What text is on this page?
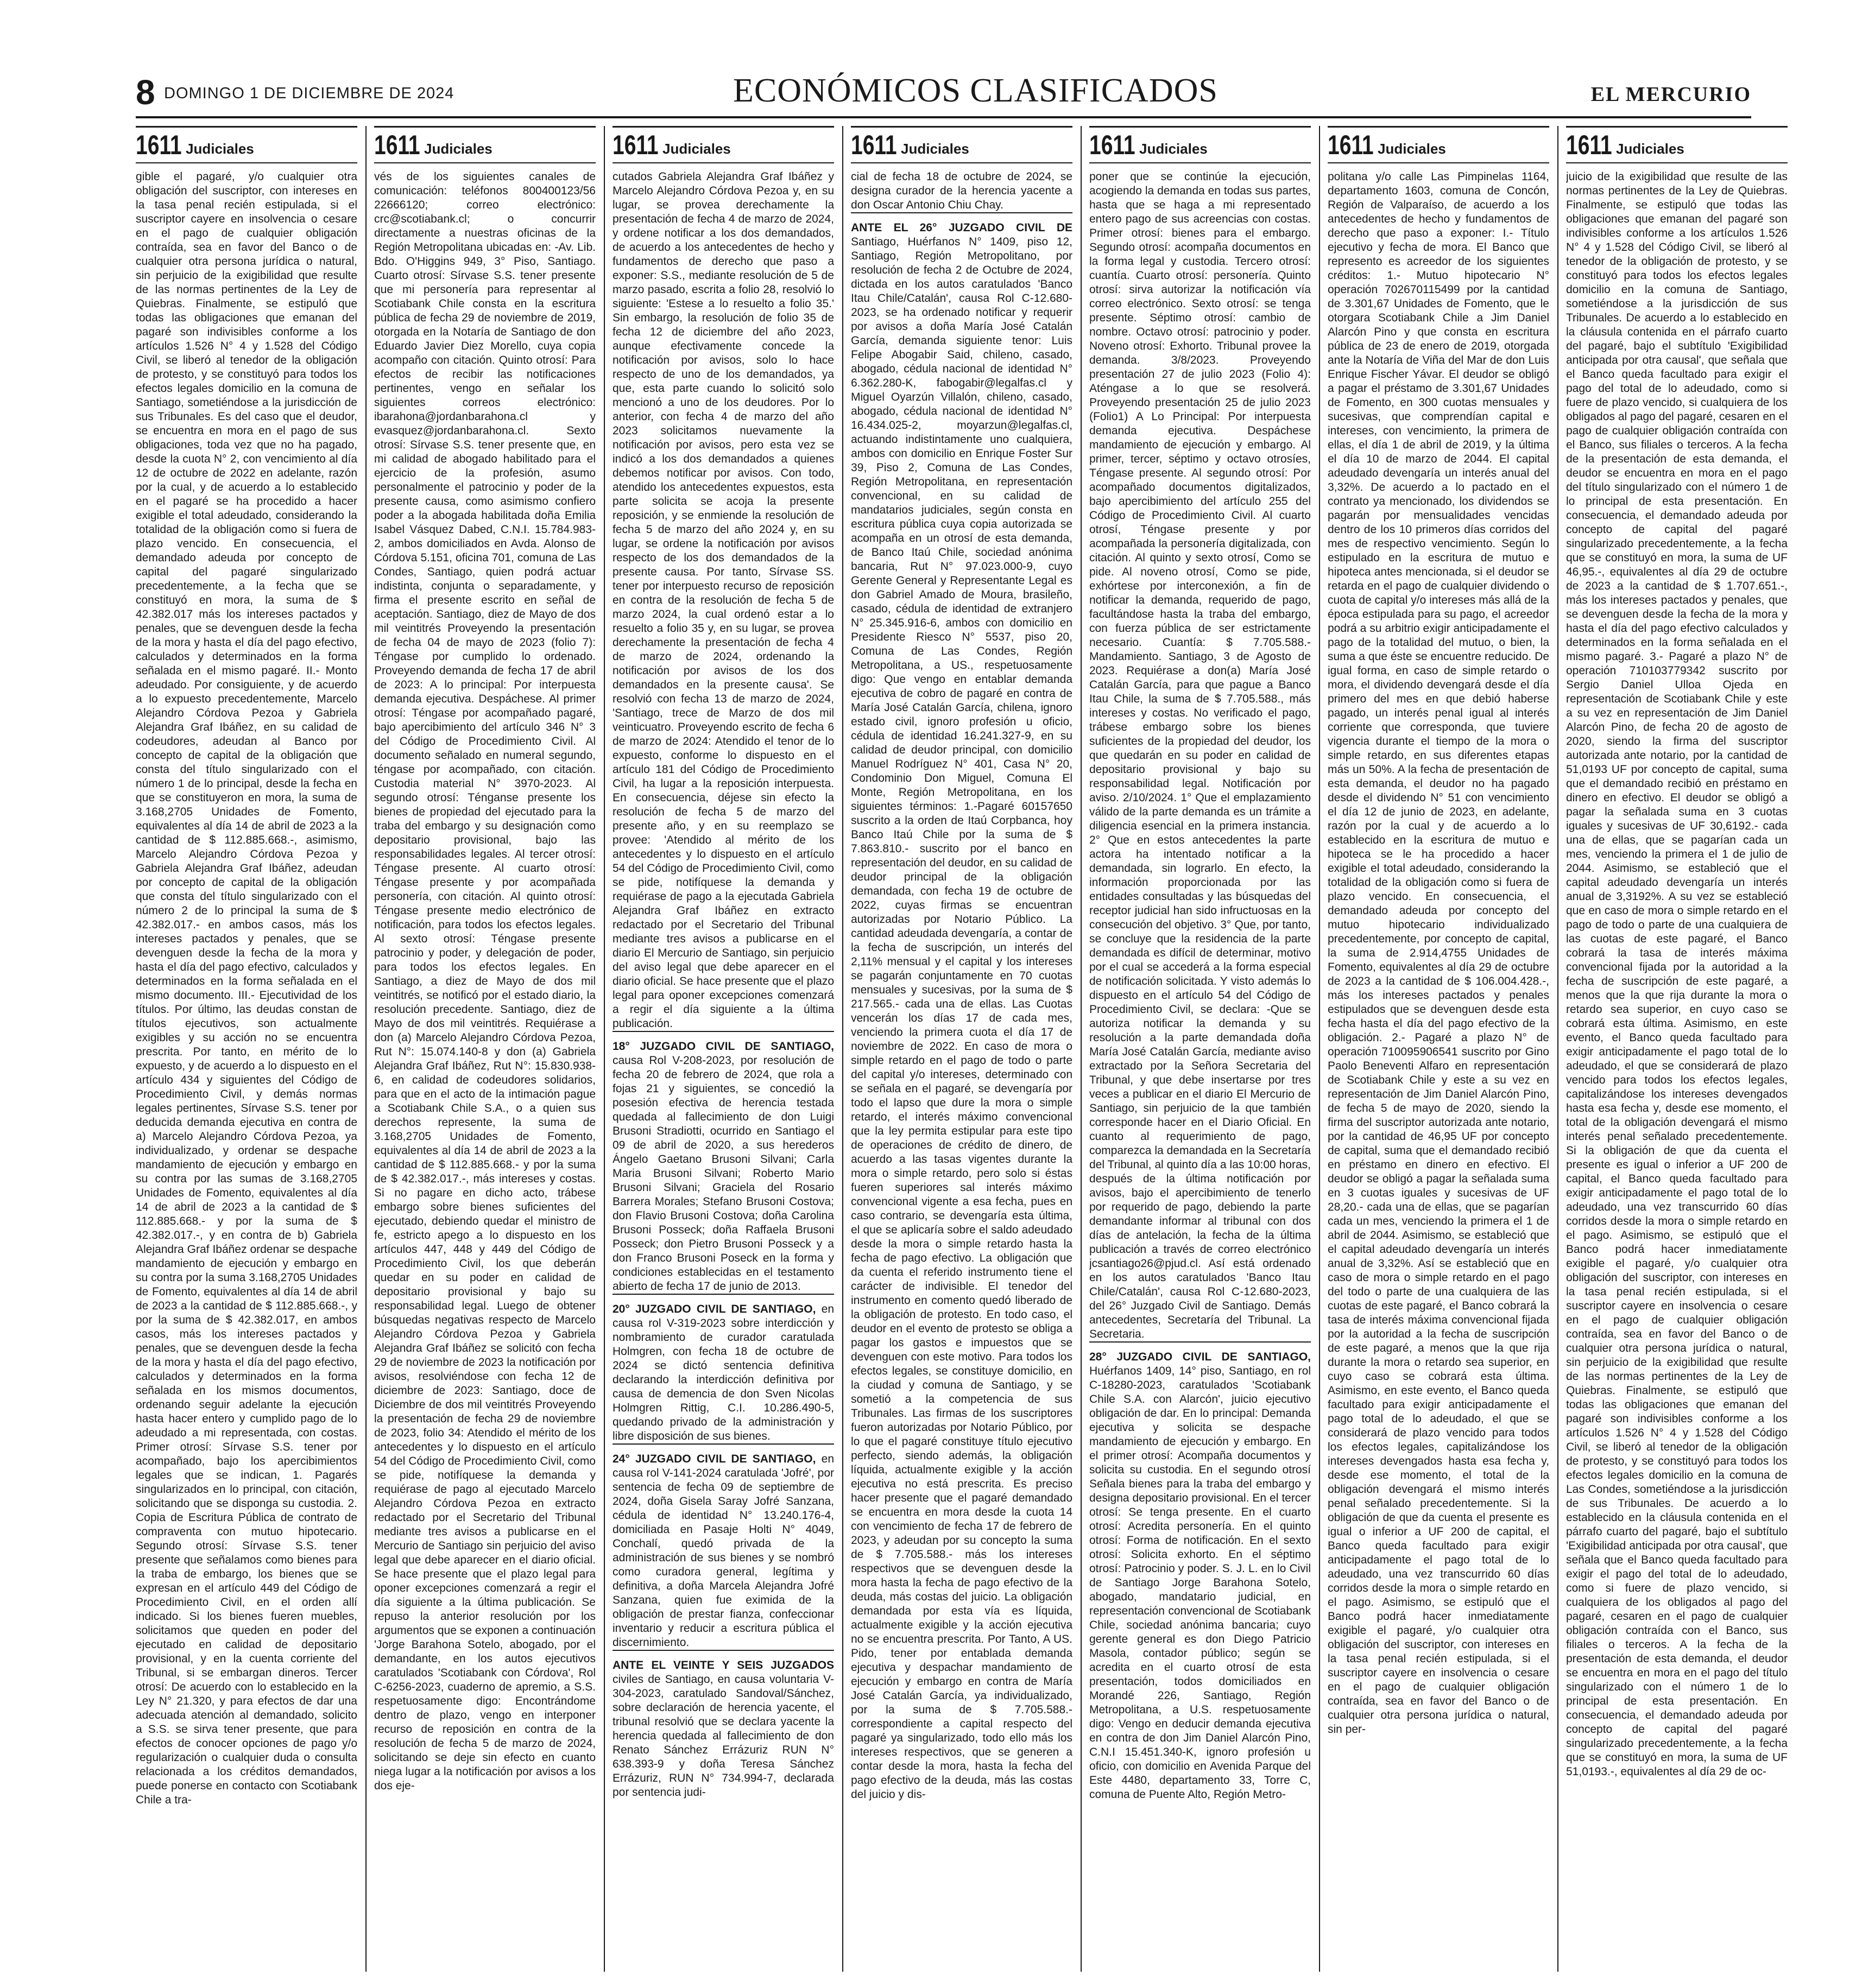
8 DOMINGO 1 DE DICIEMBRE DE 2024	ECONÓMICOS CLASIFICADOS	EL MERCURIO
1611 Judiciales

gible el pagaré, y/o cualquier otra obligación del suscriptor, con intereses en la tasa penal recién estipulada, si el suscriptor cayere en insolvencia o cesare en el pago de cualquier obligación contraída, sea en favor del Banco o de cualquier otra persona jurídica o natural, sin perjuicio de la exigibilidad que resulte de las normas pertinentes de la Ley de Quiebras. Finalmente, se estipuló que todas las obligaciones que emanan del pagaré son indivisibles conforme a los artículos 1.526 N° 4 y 1.528 del Código Civil, se liberó al tenedor de la obligación de protesto, y se constituyó para todos los efectos legales domicilio en la comuna de Santiago, sometiéndose a la jurisdicción de sus Tribunales. Es del caso que el deudor, se encuentra en mora en el pago de sus obligaciones, toda vez que no ha pagado, desde la cuota N° 2, con vencimiento al día 12 de octubre de 2022 en adelante, razón por la cual, y de acuerdo a lo establecido en el pagaré se ha procedido a hacer exigible el total adeudado, considerando la totalidad de la obligación como si fuera de plazo vencido. En consecuencia, el demandado adeuda por concepto de capital del pagaré singularizado precedentemente, a la fecha que se constituyó en mora, la suma de $ 42.382.017 más los intereses pactados y penales, que se devenguen desde la fecha de la mora y hasta el día del pago efectivo, calculados y determinados en la forma señalada en el mismo pagaré. II.- Monto adeudado. Por consiguiente, y de acuerdo a lo expuesto precedentemente, Marcelo Alejandro Córdova Pezoa y Gabriela Alejandra Graf Ibáñez, en su calidad de codeudores, adeudan al Banco por concepto de capital de la obligación que consta del título singularizado con el número 1 de lo principal, desde la fecha en que se constituyeron en mora, la suma de 3.168,2705 Unidades de Fomento, equivalentes al día 14 de abril de 2023 a la cantidad de $ 112.885.668.-, asimismo, Marcelo Alejandro Córdova Pezoa y Gabriela Alejandra Graf Ibáñez, adeudan por concepto de capital de la obligación que consta del título singularizado con el número 2 de lo principal la suma de $ 42.382.017.- en ambos casos, más los intereses pactados y penales, que se devenguen desde la fecha de la mora y hasta el día del pago efectivo, calculados y determinados en la forma señalada en el mismo documento. III.- Ejecutividad de los títulos. Por último, las deudas constan de títulos ejecutivos, son actualmente exigibles y su acción no se encuentra prescrita. Por tanto, en mérito de lo expuesto, y de acuerdo a lo dispuesto en el artículo 434 y siguientes del Código de Procedimiento Civil, y demás normas legales pertinentes, Sírvase S.S. tener por deducida demanda ejecutiva en contra de a) Marcelo Alejandro Córdova Pezoa, ya individualizado, y ordenar se despache mandamiento de ejecución y embargo en su contra por las sumas de 3.168,2705 Unidades de Fomento, equivalentes al día 14 de abril de 2023 a la cantidad de $ 112.885.668.- y por la suma de $ 42.382.017.-, y en contra de b) Gabriela Alejandra Graf Ibáñez ordenar se despache mandamiento de ejecución y embargo en su contra por la suma 3.168,2705 Unidades de Fomento, equivalentes al día 14 de abril de 2023 a la cantidad de $ 112.885.668.-, y por la suma de $ 42.382.017, en ambos casos, más los intereses pactados y penales, que se devenguen desde la fecha de la mora y hasta el día del pago efectivo, calculados y determinados en la forma señalada en los mismos documentos, ordenando seguir adelante la ejecución hasta hacer entero y cumplido pago de lo adeudado a mi representada, con costas. Primer otrosí: Sírvase S.S. tener por acompañado, bajo los apercibimientos legales que se indican, 1. Pagarés singularizados en lo principal, con citación, solicitando que se disponga su custodia. 2. Copia de Escritura Pública de contrato de compraventa con mutuo hipotecario. Segundo otrosí: Sírvase S.S. tener presente que señalamos como bienes para la traba de embargo, los bienes que se expresan en el artículo 449 del Código de Procedimiento Civil, en el orden allí indicado. Si los bienes fueren muebles, solicitamos que queden en poder del ejecutado en calidad de depositario provisional, y en la cuenta corriente del Tribunal, si se embargan dineros. Tercer otrosí: De acuerdo con lo establecido en la Ley N° 21.320, y para efectos de dar una adecuada atención al demandado, solicito a S.S. se sirva tener presente, que para efectos de conocer opciones de pago y/o regularización o cualquier duda o consulta relacionada a los créditos demandados, puede ponerse en contacto con Scotiabank Chile a tra-

1611 Judiciales

vés de los siguientes canales de comunicación: teléfonos 800400123/56 22666120; correo electrónico: crc@scotiabank.cl; o concurrir directamente a nuestras oficinas de la Región Metropolitana ubicadas en: -Av. Lib. Bdo. O'Higgins 949, 3° Piso, Santiago. Cuarto otrosí: Sírvase S.S. tener presente que mi personería para representar al Scotiabank Chile consta en la escritura pública de fecha 29 de noviembre de 2019, otorgada en la Notaría de Santiago de don Eduardo Javier Diez Morello, cuya copia acompaño con citación. Quinto otrosí: Para efectos de recibir las notificaciones pertinentes, vengo en señalar los siguientes correos electrónico: ibarahona@jordanbarahona.cl y evasquez@jordanbarahona.cl. Sexto otrosí: Sírvase S.S. tener presente que, en mi calidad de abogado habilitado para el ejercicio de la profesión, asumo personalmente el patrocinio y poder de la presente causa, como asimismo confiero poder a la abogada habilitada doña Emilia Isabel Vásquez Dabed, C.N.I. 15.784.983-2, ambos domiciliados en Avda. Alonso de Córdova 5.151, oficina 701, comuna de Las Condes, Santiago, quien podrá actuar indistinta, conjunta o separadamente, y firma el presente escrito en señal de aceptación. Santiago, diez de Mayo de dos mil veintitrés Proveyendo la presentación de fecha 04 de mayo de 2023 (folio 7): Téngase por cumplido lo ordenado. Proveyendo demanda de fecha 17 de abril de 2023: A lo principal: Por interpuesta demanda ejecutiva. Despáchese. Al primer otrosí: Téngase por acompañado pagaré, bajo apercibimiento del artículo 346 N° 3 del Código de Procedimiento Civil. Al documento señalado en numeral segundo, téngase por acompañado, con citación. Custodia material N° 3970-2023. Al segundo otrosí: Ténganse presente los bienes de propiedad del ejecutado para la traba del embargo y su designación como depositario provisional, bajo las responsabilidades legales. Al tercer otrosí: Téngase presente. Al cuarto otrosí: Téngase presente y por acompañada personería, con citación. Al quinto otrosí: Téngase presente medio electrónico de notificación, para todos los efectos legales. Al sexto otrosí: Téngase presente patrocinio y poder, y delegación de poder, para todos los efectos legales. En Santiago, a diez de Mayo de dos mil veintitrés, se notificó por el estado diario, la resolución precedente. Santiago, diez de Mayo de dos mil veintitrés. Requiérase a don (a) Marcelo Alejandro Córdova Pezoa, Rut N°: 15.074.140-8 y don (a) Gabriela Alejandra Graf Ibáñez, Rut N°: 15.830.938-6, en calidad de codeudores solidarios, para que en el acto de la intimación pague a Scotiabank Chile S.A., o a quien sus derechos represente, la suma de 3.168,2705 Unidades de Fomento, equivalentes al día 14 de abril de 2023 a la cantidad de $ 112.885.668.- y por la suma de $ 42.382.017.-, más intereses y costas. Si no pagare en dicho acto, trábese embargo sobre bienes suficientes del ejecutado, debiendo quedar el ministro de fe, estricto apego a lo dispuesto en los artículos 447, 448 y 449 del Código de Procedimiento Civil, los que deberán quedar en su poder en calidad de depositario provisional y bajo su responsabilidad legal. Luego de obtener búsquedas negativas respecto de Marcelo Alejandro Córdova Pezoa y Gabriela Alejandra Graf Ibáñez se solicitó con fecha 29 de noviembre de 2023 la notificación por avisos, resolviéndose con fecha 12 de diciembre de 2023: Santiago, doce de Diciembre de dos mil veintitrés Proveyendo la presentación de fecha 29 de noviembre de 2023, folio 34: Atendido el mérito de los antecedentes y lo dispuesto en el artículo 54 del Código de Procedimiento Civil, como se pide, notifíquese la demanda y requiérase de pago al ejecutado Marcelo Alejandro Córdova Pezoa en extracto redactado por el Secretario del Tribunal mediante tres avisos a publicarse en el Mercurio de Santiago sin perjuicio del aviso legal que debe aparecer en el diario oficial. Se hace presente que el plazo legal para oponer excepciones comenzará a regir el día siguiente a la última publicación. Se repuso la anterior resolución por los argumentos que se exponen a continuación 'Jorge Barahona Sotelo, abogado, por el demandante, en los autos ejecutivos caratulados 'Scotiabank con Córdova', Rol C-6256-2023, cuaderno de apremio, a S.S. respetuosamente digo: Encontrándome dentro de plazo, vengo en interponer recurso de reposición en contra de la resolución de fecha 5 de marzo de 2024, solicitando se deje sin efecto en cuanto niega lugar a la notificación por avisos a los dos eje-

1611 Judiciales

cutados Gabriela Alejandra Graf Ibáñez y Marcelo Alejandro Córdova Pezoa y, en su lugar, se provea derechamente la presentación de fecha 4 de marzo de 2024, y ordene notificar a los dos demandados, de acuerdo a los antecedentes de hecho y fundamentos de derecho que paso a exponer: S.S., mediante resolución de 5 de marzo pasado, escrita a folio 28, resolvió lo siguiente: 'Estese a lo resuelto a folio 35.' Sin embargo, la resolución de folio 35 de fecha 12 de diciembre del año 2023, aunque efectivamente concede la notificación por avisos, solo lo hace respecto de uno de los demandados, ya que, esta parte cuando lo solicitó solo mencionó a uno de los deudores. Por lo anterior, con fecha 4 de marzo del año 2023 solicitamos nuevamente la notificación por avisos, pero esta vez se indicó a los dos demandados a quienes debemos notificar por avisos. Con todo, atendido los antecedentes expuestos, esta parte solicita se acoja la presente reposición, y se enmiende la resolución de fecha 5 de marzo del año 2024 y, en su lugar, se ordene la notificación por avisos respecto de los dos demandados de la presente causa. Por tanto, Sírvase SS. tener por interpuesto recurso de reposición en contra de la resolución de fecha 5 de marzo 2024, la cual ordenó estar a lo resuelto a folio 35 y, en su lugar, se provea derechamente la presentación de fecha 4 de marzo de 2024, ordenando la notificación por avisos de los dos demandados en la presente causa'. Se resolvió con fecha 13 de marzo de 2024, 'Santiago, trece de Marzo de dos mil veinticuatro. Proveyendo escrito de fecha 6 de marzo de 2024: Atendido el tenor de lo expuesto, conforme lo dispuesto en el artículo 181 del Código de Procedimiento Civil, ha lugar a la reposición interpuesta. En consecuencia, déjese sin efecto la resolución de fecha 5 de marzo del presente año, y en su reemplazo se provee: 'Atendido al mérito de los antecedentes y lo dispuesto en el artículo 54 del Código de Procedimiento Civil, como se pide, notifíquese la demanda y requiérase de pago a la ejecutada Gabriela Alejandra Graf Ibáñez en extracto redactado por el Secretario del Tribunal mediante tres avisos a publicarse en el diario El Mercurio de Santiago, sin perjuicio del aviso legal que debe aparecer en el diario oficial. Se hace presente que el plazo legal para oponer excepciones comenzará a regir el día siguiente a la última publicación.

18° JUZGADO CIVIL DE SANTIAGO, causa Rol V-208-2023, por resolución de fecha 20 de febrero de 2024, que rola a fojas 21 y siguientes, se concedió la posesión efectiva de herencia testada quedada al fallecimiento de don Luigi Brusoni Stradiotti, ocurrido en Santiago el 09 de abril de 2020, a sus herederos Ángelo Gaetano Brusoni Silvani; Carla Maria Brusoni Silvani; Roberto Mario Brusoni Silvani; Graciela del Rosario Barrera Morales; Stefano Brusoni Costova; don Flavio Brusoni Costova; doña Carolina Brusoni Posseck; doña Raffaela Brusoni Posseck; don Pietro Brusoni Posseck y a don Franco Brusoni Poseck en la forma y condiciones establecidas en el testamento abierto de fecha 17 de junio de 2013.

20° JUZGADO CIVIL DE SANTIAGO, en causa rol V-319-2023 sobre interdicción y nombramiento de curador caratulada Holmgren, con fecha 18 de octubre de 2024 se dictó sentencia definitiva declarando la interdicción definitiva por causa de demencia de don Sven Nicolas Holmgren Rittig, C.I. 10.286.490-5, quedando privado de la administración y libre disposición de sus bienes.

24° JUZGADO CIVIL DE SANTIAGO, en causa rol V-141-2024 caratulada 'Jofré', por sentencia de fecha 09 de septiembre de 2024, doña Gisela Saray Jofré Sanzana, cédula de identidad N° 13.240.176-4, domiciliada en Pasaje Holti N° 4049, Conchalí, quedó privada de la administración de sus bienes y se nombró como curadora general, legítima y definitiva, a doña Marcela Alejandra Jofré Sanzana, quien fue eximida de la obligación de prestar fianza, confeccionar inventario y reducir a escritura pública el discernimiento.

ANTE EL VEINTE Y SEIS JUZGADOS civiles de Santiago, en causa voluntaria V-304-2023, caratulado Sandoval/Sánchez, sobre declaración de herencia yacente, el tribunal resolvió que se declara yacente la herencia quedada al fallecimiento de don Renato Sánchez Errázuriz RUN N° 638.393-9 y doña Teresa Sánchez Errázuriz, RUN N° 734.994-7, declarada por sentencia judi-

1611 Judiciales

cial de fecha 18 de octubre de 2024, se designa curador de la herencia yacente a don Oscar Antonio Chiu Chay.

ANTE EL 26° JUZGADO CIVIL DE Santiago, Huérfanos N° 1409, piso 12, Santiago, Región Metropolitano, por resolución de fecha 2 de Octubre de 2024, dictada en los autos caratulados 'Banco Itau Chile/Catalán', causa Rol C-12.680-2023, se ha ordenado notificar y requerir por avisos a doña María José Catalán García, demanda siguiente tenor: Luis Felipe Abogabir Said, chileno, casado, abogado, cédula nacional de identidad N° 6.362.280-K, fabogabir@legalfas.cl y Miguel Oyarzún Villalón, chileno, casado, abogado, cédula nacional de identidad N° 16.434.025-2, moyarzun@legalfas.cl, actuando indistintamente uno cualquiera, ambos con domicilio en Enrique Foster Sur 39, Piso 2, Comuna de Las Condes, Región Metropolitana, en representación convencional, en su calidad de mandatarios judiciales, según consta en escritura pública cuya copia autorizada se acompaña en un otrosí de esta demanda, de Banco Itaú Chile, sociedad anónima bancaria, Rut N° 97.023.000-9, cuyo Gerente General y Representante Legal es don Gabriel Amado de Moura, brasileño, casado, cédula de identidad de extranjero N° 25.345.916-6, ambos con domicilio en Presidente Riesco N° 5537, piso 20, Comuna de Las Condes, Región Metropolitana, a US., respetuosamente digo: Que vengo en entablar demanda ejecutiva de cobro de pagaré en contra de María José Catalán García, chilena, ignoro estado civil, ignoro profesión u oficio, cédula de identidad 16.241.327-9, en su calidad de deudor principal, con domicilio Manuel Rodríguez N° 401, Casa N° 20, Condominio Don Miguel, Comuna El Monte, Región Metropolitana, en los siguientes términos: 1.-Pagaré 60157650 suscrito a la orden de Itaú Corpbanca, hoy Banco Itaú Chile por la suma de $ 7.863.810.- suscrito por el banco en representación del deudor, en su calidad de deudor principal de la obligación demandada, con fecha 19 de octubre de 2022, cuyas firmas se encuentran autorizadas por Notario Público. La cantidad adeudada devengaría, a contar de la fecha de suscripción, un interés del 2,11% mensual y el capital y los intereses se pagarán conjuntamente en 70 cuotas mensuales y sucesivas, por la suma de $ 217.565.- cada una de ellas. Las Cuotas vencerán los días 17 de cada mes, venciendo la primera cuota el día 17 de noviembre de 2022. En caso de mora o simple retardo en el pago de todo o parte del capital y/o intereses, determinado con se señala en el pagaré, se devengaría por todo el lapso que dure la mora o simple retardo, el interés máximo convencional que la ley permita estipular para este tipo de operaciones de crédito de dinero, de acuerdo a las tasas vigentes durante la mora o simple retardo, pero solo si éstas fueren superiores sal interés máximo convencional vigente a esa fecha, pues en caso contrario, se devengaría esta última, el que se aplicaría sobre el saldo adeudado desde la mora o simple retardo hasta la fecha de pago efectivo. La obligación que da cuenta el referido instrumento tiene el carácter de indivisible. El tenedor del instrumento en comento quedó liberado de la obligación de protesto. En todo caso, el deudor en el evento de protesto se obliga a pagar los gastos e impuestos que se devenguen con este motivo. Para todos los efectos legales, se constituye domicilio, en la ciudad y comuna de Santiago, y se sometió a la competencia de sus Tribunales. Las firmas de los suscriptores fueron autorizadas por Notario Público, por lo que el pagaré constituye título ejecutivo perfecto, siendo además, la obligación líquida, actualmente exigible y la acción ejecutiva no está prescrita. Es preciso hacer presente que el pagaré demandado se encuentra en mora desde la cuota 14 con vencimiento de fecha 17 de febrero de 2023, y adeudan por su concepto la suma de $ 7.705.588.- más los intereses respectivos que se devenguen desde la mora hasta la fecha de pago efectivo de la deuda, más costas del juicio. La obligación demandada por esta vía es líquida, actualmente exigible y la acción ejecutiva no se encuentra prescrita. Por Tanto, A US. Pido, tener por entablada demanda ejecutiva y despachar mandamiento de ejecución y embargo en contra de María José Catalán García, ya individualizado, por la suma de $ 7.705.588.- correspondiente a capital respecto del pagaré ya singularizado, todo ello más los intereses respectivos, que se generen a contar desde la mora, hasta la fecha del pago efectivo de la deuda, más las costas del juicio y dis-

1611 Judiciales

poner que se continúe la ejecución, acogiendo la demanda en todas sus partes, hasta que se haga a mi representado entero pago de sus acreencias con costas. Primer otrosí: bienes para el embargo. Segundo otrosí: acompaña documentos en la forma legal y custodia. Tercero otrosí: cuantía. Cuarto otrosí: personería. Quinto otrosí: sirva autorizar la notificación vía correo electrónico. Sexto otrosí: se tenga presente. Séptimo otrosí: cambio de nombre. Octavo otrosí: patrocinio y poder. Noveno otrosí: Exhorto. Tribunal provee la demanda. 3/8/2023. Proveyendo presentación 27 de julio 2023 (Folio 4): Aténgase a lo que se resolverá. Proveyendo presentación 25 de julio 2023 (Folio1) A Lo Principal: Por interpuesta demanda ejecutiva. Despáchese mandamiento de ejecución y embargo. Al primer, tercer, séptimo y octavo otrosíes, Téngase presente. Al segundo otrosí: Por acompañado documentos digitalizados, bajo apercibimiento del artículo 255 del Código de Procedimiento Civil. Al cuarto otrosí, Téngase presente y por acompañada la personería digitalizada, con citación. Al quinto y sexto otrosí, Como se pide. Al noveno otrosí, Como se pide, exhórtese por interconexión, a fin de notificar la demanda, requerido de pago, facultándose hasta la traba del embargo, con fuerza pública de ser estrictamente necesario. Cuantía: $ 7.705.588.- Mandamiento. Santiago, 3 de Agosto de 2023. Requiérase a don(a) María José Catalán García, para que pague a Banco Itau Chile, la suma de $ 7.705.588., más intereses y costas. No verificado el pago, trábese embargo sobre los bienes suficientes de la propiedad del deudor, los que quedarán en su poder en calidad de depositario provisional y bajo su responsabilidad legal. Notificación por aviso. 2/10/2024. 1° Que el emplazamiento válido de la parte demanda es un trámite a diligencia esencial en la primera instancia. 2° Que en estos antecedentes la parte actora ha intentado notificar a la demandada, sin lograrlo. En efecto, la información proporcionada por las entidades consultadas y las búsquedas del receptor judicial han sido infructuosas en la consecución del objetivo. 3° Que, por tanto, se concluye que la residencia de la parte demandada es difícil de determinar, motivo por el cual se accederá a la forma especial de notificación solicitada. Y visto además lo dispuesto en el artículo 54 del Código de Procedimiento Civil, se declara: -Que se autoriza notificar la demanda y su resolución a la parte demandada doña María José Catalán García, mediante aviso extractado por la Señora Secretaria del Tribunal, y que debe insertarse por tres veces a publicar en el diario El Mercurio de Santiago, sin perjuicio de la que también corresponde hacer en el Diario Oficial. En cuanto al requerimiento de pago, comparezca la demandada en la Secretaría del Tribunal, al quinto día a las 10:00 horas, después de la última notificación por avisos, bajo el apercibimiento de tenerlo por requerido de pago, debiendo la parte demandante informar al tribunal con dos días de antelación, la fecha de la última publicación a través de correo electrónico jcsantiago26@pjud.cl. Así está ordenado en los autos caratulados 'Banco Itau Chile/Catalán', causa Rol C-12.680-2023, del 26° Juzgado Civil de Santiago. Demás antecedentes, Secretaría del Tribunal. La Secretaria.

28° JUZGADO CIVIL DE SANTIAGO, Huérfanos 1409, 14° piso, Santiago, en rol C-18280-2023, caratulados 'Scotiabank Chile S.A. con Alarcón', juicio ejecutivo obligación de dar. En lo principal: Demanda ejecutiva y solicita se despache mandamiento de ejecución y embargo. En el primer otrosí: Acompaña documentos y solicita su custodia. En el segundo otrosí Señala bienes para la traba del embargo y designa depositario provisional. En el tercer otrosí: Se tenga presente. En el cuarto otrosí: Acredita personería. En el quinto otrosí: Forma de notificación. En el sexto otrosí: Solicita exhorto. En el séptimo otrosí: Patrocinio y poder. S. J. L. en lo Civil de Santiago Jorge Barahona Sotelo, abogado, mandatario judicial, en representación convencional de Scotiabank Chile, sociedad anónima bancaria; cuyo gerente general es don Diego Patricio Masola, contador público; según se acredita en el cuarto otrosí de esta presentación, todos domiciliados en Morandé 226, Santiago, Región Metropolitana, a U.S. respetuosamente digo: Vengo en deducir demanda ejecutiva en contra de don Jim Daniel Alarcón Pino, C.N.I 15.451.340-K, ignoro profesión u oficio, con domicilio en Avenida Parque del Este 4480, departamento 33, Torre C, comuna de Puente Alto, Región Metro-

1611 Judiciales

politana y/o calle Las Pimpinelas 1164, departamento 1603, comuna de Concón, Región de Valparaíso, de acuerdo a los antecedentes de hecho y fundamentos de derecho que paso a exponer: I.- Título ejecutivo y fecha de mora. El Banco que represento es acreedor de los siguientes créditos: 1.- Mutuo hipotecario N° operación 702670115499 por la cantidad de 3.301,67 Unidades de Fomento, que le otorgara Scotiabank Chile a Jim Daniel Alarcón Pino y que consta en escritura pública de 23 de enero de 2019, otorgada ante la Notaría de Viña del Mar de don Luis Enrique Fischer Yávar. El deudor se obligó a pagar el préstamo de 3.301,67 Unidades de Fomento, en 300 cuotas mensuales y sucesivas, que comprendían capital e intereses, con vencimiento, la primera de ellas, el día 1 de abril de 2019, y la última el día 10 de marzo de 2044. El capital adeudado devengaría un interés anual del 3,32%. De acuerdo a lo pactado en el contrato ya mencionado, los dividendos se pagarán por mensualidades vencidas dentro de los 10 primeros días corridos del mes de respectivo vencimiento. Según lo estipulado en la escritura de mutuo e hipoteca antes mencionada, si el deudor se retarda en el pago de cualquier dividendo o cuota de capital y/o intereses más allá de la época estipulada para su pago, el acreedor podrá a su arbitrio exigir anticipadamente el pago de la totalidad del mutuo, o bien, la suma a que éste se encuentre reducido. De igual forma, en caso de simple retardo o mora, el dividendo devengará desde el día primero del mes en que debió haberse pagado, un interés penal igual al interés corriente que corresponda, que tuviere vigencia durante el tiempo de la mora o simple retardo, en sus diferentes etapas más un 50%. A la fecha de presentación de esta demanda, el deudor no ha pagado desde el dividendo N° 51 con vencimiento el día 12 de junio de 2023, en adelante, razón por la cual y de acuerdo a lo establecido en la escritura de mutuo e hipoteca se le ha procedido a hacer exigible el total adeudado, considerando la totalidad de la obligación como si fuera de plazo vencido. En consecuencia, el demandado adeuda por concepto del mutuo hipotecario individualizado precedentemente, por concepto de capital, la suma de 2.914,4755 Unidades de Fomento, equivalentes al día 29 de octubre de 2023 a la cantidad de $ 106.004.428.-, más los intereses pactados y penales estipulados que se devenguen desde esta fecha hasta el día del pago efectivo de la obligación. 2.- Pagaré a plazo N° de operación 710095906541 suscrito por Gino Paolo Beneventi Alfaro en representación de Scotiabank Chile y este a su vez en representación de Jim Daniel Alarcón Pino, de fecha 5 de mayo de 2020, siendo la firma del suscriptor autorizada ante notario, por la cantidad de 46,95 UF por concepto de capital, suma que el demandado recibió en préstamo en dinero en efectivo. El deudor se obligó a pagar la señalada suma en 3 cuotas iguales y sucesivas de UF 28,20.- cada una de ellas, que se pagarían cada un mes, venciendo la primera el 1 de abril de 2044. Asimismo, se estableció que el capital adeudado devengaría un interés anual de 3,32%. Así se estableció que en caso de mora o simple retardo en el pago del todo o parte de una cualquiera de las cuotas de este pagaré, el Banco cobrará la tasa de interés máxima convencional fijada por la autoridad a la fecha de suscripción de este pagaré, a menos que la que rija durante la mora o retardo sea superior, en cuyo caso se cobrará esta última. Asimismo, en este evento, el Banco queda facultado para exigir anticipadamente el pago total de lo adeudado, el que se considerará de plazo vencido para todos los efectos legales, capitalizándose los intereses devengados hasta esa fecha y, desde ese momento, el total de la obligación devengará el mismo interés penal señalado precedentemente. Si la obligación de que da cuenta el presente es igual o inferior a UF 200 de capital, el Banco queda facultado para exigir anticipadamente el pago total de lo adeudado, una vez transcurrido 60 días corridos desde la mora o simple retardo en el pago. Asimismo, se estipuló que el Banco podrá hacer inmediatamente exigible el pagaré, y/o cualquier otra obligación del suscriptor, con intereses en la tasa penal recién estipulada, si el suscriptor cayere en insolvencia o cesare en el pago de cualquier obligación contraída, sea en favor del Banco o de cualquier otra persona jurídica o natural, sin per-

1611 Judiciales

juicio de la exigibilidad que resulte de las normas pertinentes de la Ley de Quiebras. Finalmente, se estipuló que todas las obligaciones que emanan del pagaré son indivisibles conforme a los artículos 1.526 N° 4 y 1.528 del Código Civil, se liberó al tenedor de la obligación de protesto, y se constituyó para todos los efectos legales domicilio en la comuna de Santiago, sometiéndose a la jurisdicción de sus Tribunales. De acuerdo a lo establecido en la cláusula contenida en el párrafo cuarto del pagaré, bajo el subtítulo 'Exigibilidad anticipada por otra causal', que señala que el Banco queda facultado para exigir el pago del total de lo adeudado, como si fuere de plazo vencido, si cualquiera de los obligados al pago del pagaré, cesaren en el pago de cualquier obligación contraída con el Banco, sus filiales o terceros. A la fecha de la presentación de esta demanda, el deudor se encuentra en mora en el pago del título singularizado con el número 1 de lo principal de esta presentación. En consecuencia, el demandado adeuda por concepto de capital del pagaré singularizado precedentemente, a la fecha que se constituyó en mora, la suma de UF 46,95.-, equivalentes al día 29 de octubre de 2023 a la cantidad de $ 1.707.651.-, más los intereses pactados y penales, que se devenguen desde la fecha de la mora y hasta el día del pago efectivo calculados y determinados en la forma señalada en el mismo pagaré. 3.- Pagaré a plazo N° de operación 710103779342 suscrito por Sergio Daniel Ulloa Ojeda en representación de Scotiabank Chile y este a su vez en representación de Jim Daniel Alarcón Pino, de fecha 20 de agosto de 2020, siendo la firma del suscriptor autorizada ante notario, por la cantidad de 51,0193 UF por concepto de capital, suma que el demandado recibió en préstamo en dinero en efectivo. El deudor se obligó a pagar la señalada suma en 3 cuotas iguales y sucesivas de UF 30,6192.- cada una de ellas, que se pagarían cada un mes, venciendo la primera el 1 de julio de 2044. Asimismo, se estableció que el capital adeudado devengaría un interés anual de 3,3192%. A su vez se estableció que en caso de mora o simple retardo en el pago de todo o parte de una cualquiera de las cuotas de este pagaré, el Banco cobrará la tasa de interés máxima convencional fijada por la autoridad a la fecha de suscripción de este pagaré, a menos que la que rija durante la mora o retardo sea superior, en cuyo caso se cobrará esta última. Asimismo, en este evento, el Banco queda facultado para exigir anticipadamente el pago total de lo adeudado, el que se considerará de plazo vencido para todos los efectos legales, capitalizándose los intereses devengados hasta esa fecha y, desde ese momento, el total de la obligación devengará el mismo interés penal señalado precedentemente. Si la obligación de que da cuenta el presente es igual o inferior a UF 200 de capital, el Banco queda facultado para exigir anticipadamente el pago total de lo adeudado, una vez transcurrido 60 días corridos desde la mora o simple retardo en el pago. Asimismo, se estipuló que el Banco podrá hacer inmediatamente exigible el pagaré, y/o cualquier otra obligación del suscriptor, con intereses en la tasa penal recién estipulada, si el suscriptor cayere en insolvencia o cesare en el pago de cualquier obligación contraída, sea en favor del Banco o de cualquier otra persona jurídica o natural, sin perjuicio de la exigibilidad que resulte de las normas pertinentes de la Ley de Quiebras. Finalmente, se estipuló que todas las obligaciones que emanan del pagaré son indivisibles conforme a los artículos 1.526 N° 4 y 1.528 del Código Civil, se liberó al tenedor de la obligación de protesto, y se constituyó para todos los efectos legales domicilio en la comuna de Las Condes, sometiéndose a la jurisdicción de sus Tribunales. De acuerdo a lo establecido en la cláusula contenida en el párrafo cuarto del pagaré, bajo el subtítulo 'Exigibilidad anticipada por otra causal', que señala que el Banco queda facultado para exigir el pago del total de lo adeudado, como si fuere de plazo vencido, si cualquiera de los obligados al pago del pagaré, cesaren en el pago de cualquier obligación contraída con el Banco, sus filiales o terceros. A la fecha de la presentación de esta demanda, el deudor se encuentra en mora en el pago del título singularizado con el número 1 de lo principal de esta presentación. En consecuencia, el demandado adeuda por concepto de capital del pagaré singularizado precedentemente, a la fecha que se constituyó en mora, la suma de UF 51,0193.-, equivalentes al día 29 de oc-
